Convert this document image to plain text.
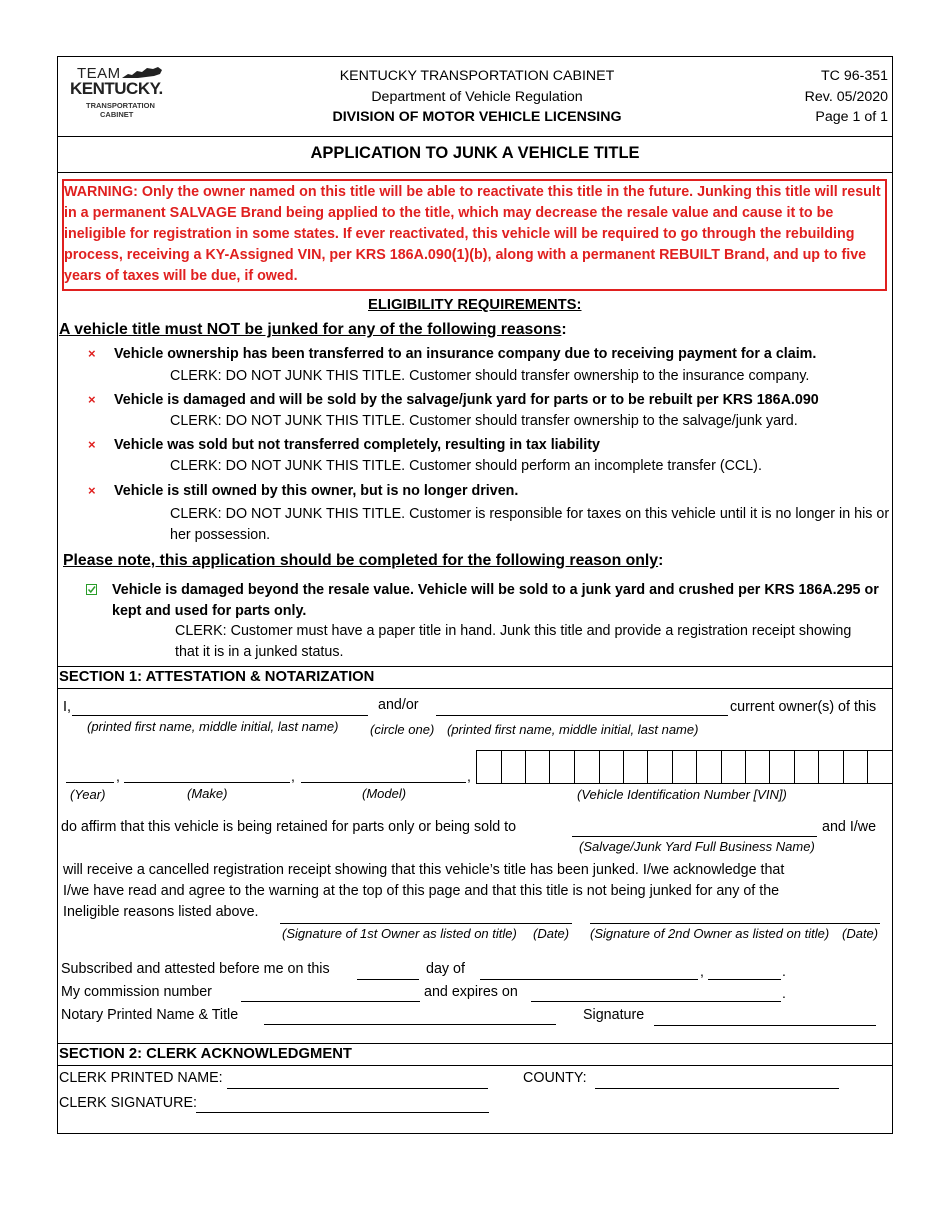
TEAM
KENTUCKY.
TRANSPORTATION
CABINET
KENTUCKY TRANSPORTATION CABINET
Department of Vehicle Regulation
DIVISION OF MOTOR VEHICLE LICENSING
TC 96-351
Rev. 05/2020
Page 1 of 1
APPLICATION TO JUNK A VEHICLE TITLE
WARNING: Only the owner named on this title will be able to reactivate this title in the future. Junking this title will result in a permanent SALVAGE Brand being applied to the title, which may decrease the resale value and cause it to be ineligible for registration in some states. If ever reactivated, this vehicle will be required to go through the rebuilding process, receiving a KY-Assigned VIN, per KRS 186A.090(1)(b), along with a permanent REBUILT Brand, and up to five years of taxes will be due, if owed.
ELIGIBILITY REQUIREMENTS:
A vehicle title must NOT be junked for any of the following reasons:
× Vehicle ownership has been transferred to an insurance company due to receiving payment for a claim.
CLERK: DO NOT JUNK THIS TITLE. Customer should transfer ownership to the insurance company.
× Vehicle is damaged and will be sold by the salvage/junk yard for parts or to be rebuilt per KRS 186A.090
CLERK: DO NOT JUNK THIS TITLE. Customer should transfer ownership to the salvage/junk yard.
× Vehicle was sold but not transferred completely, resulting in tax liability
CLERK: DO NOT JUNK THIS TITLE. Customer should perform an incomplete transfer (CCL).
× Vehicle is still owned by this owner, but is no longer driven.
CLERK: DO NOT JUNK THIS TITLE. Customer is responsible for taxes on this vehicle until it is no longer in his or her possession.
Please note, this application should be completed for the following reason only:
Vehicle is damaged beyond the resale value. Vehicle will be sold to a junk yard and crushed per KRS 186A.295 or kept and used for parts only.
CLERK: Customer must have a paper title in hand. Junk this title and provide a registration receipt showing that it is in a junked status.
SECTION 1: ATTESTATION & NOTARIZATION
I,	and/or	current owner(s) of this
(printed first name, middle initial, last name) (circle one) (printed first name, middle initial, last name)
,	,	,
(Year)	(Make)	(Model)	(Vehicle Identification Number [VIN])
do affirm that this vehicle is being retained for parts only or being sold to	and I/we
(Salvage/Junk Yard Full Business Name)
will receive a cancelled registration receipt showing that this vehicle’s title has been junked. I/we acknowledge that
I/we have read and agree to the warning at the top of this page and that this title is not being junked for any of the
Ineligible reasons listed above.
(Signature of 1st Owner as listed on title) (Date) (Signature of 2nd Owner as listed on title) (Date)
Subscribed and attested before me on this	day of	,	.
My commission number	and expires on	.
Notary Printed Name & Title	Signature
SECTION 2: CLERK ACKNOWLEDGMENT
CLERK PRINTED NAME:	COUNTY:
CLERK SIGNATURE:
